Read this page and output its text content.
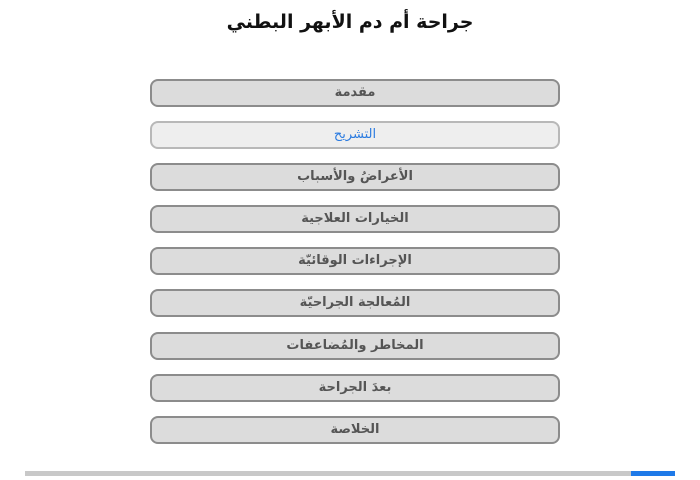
جراحة أم دم الأبهر البطني
مقدمة
التشريح
الأعراضُ والأسباب
الخيارات العلاجية
الإجراءات الوقائيّة
المُعالجة الجراحيّة
المخاطر والمُضاعفات
بعدَ الجراحة
الخلاصة
